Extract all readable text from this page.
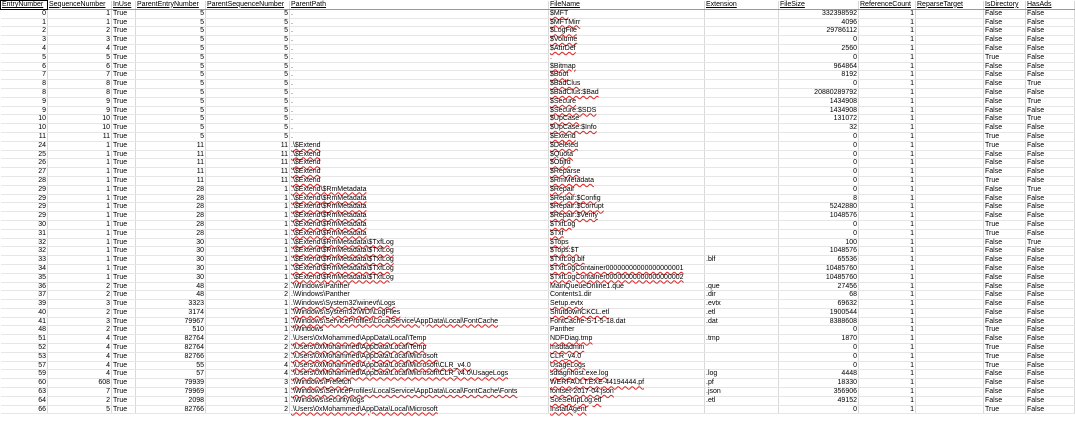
EntryNumber	SequenceNumber	InUse	ParentEntryNumber	ParentSequenceNumber	ParentPath	FileName	Extension	FileSize	ReferenceCount	ReparseTarget	IsDirectory	HasAds
0	1	True	5	5	.	$MFT		332398592	1		False	False
1	1	True	5	5	.	$MFTMirr		4096	1		False	False
2	2	True	5	5	.	$LogFile		29786112	1		False	False
3	3	True	5	5	.	$Volume		0	1		False	False
4	4	True	5	5	.	$AttrDef		2560	1		False	False
5	5	True	5	5	.	.		0	1		True	False
6	6	True	5	5	.	$Bitmap		964864	1		False	False
7	7	True	5	5	.	$Boot		8192	1		False	False
8	8	True	5	5	.	$BadClus		0	1		False	True
8	8	True	5	5	.	$BadClus:$Bad		20880289792	1		False	False
9	9	True	5	5	.	$Secure		1434908	1		False	True
9	9	True	5	5	.	$Secure:$SDS		1434908	1		False	False
10	10	True	5	5	.	$UpCase		131072	1		False	True
10	10	True	5	5	.	$UpCase:$Info		32	1		False	False
11	11	True	5	5	.	$Extend		0	1		True	False
24	1	True	11	11	.\$Extend	$Deleted		0	1		True	False
25	1	True	11	11	.\$Extend	$Quota		0	1		False	False
26	1	True	11	11	.\$Extend	$ObjId		0	1		False	False
27	1	True	11	11	.\$Extend	$Reparse		0	1		False	False
28	1	True	11	11	.\$Extend	$RmMetadata		0	1		True	False
29	1	True	28	1	.\$Extend\$RmMetadata	$Repair		0	1		False	True
29	1	True	28	1	.\$Extend\$RmMetadata	$Repair:$Config		8	1		False	False
29	1	True	28	1	.\$Extend\$RmMetadata	$Repair:$Corrupt		5242880	1		False	False
29	1	True	28	1	.\$Extend\$RmMetadata	$Repair:$Verify		1048576	1		False	False
30	1	True	28	1	.\$Extend\$RmMetadata	$TxfLog		0	1		True	False
31	1	True	28	1	.\$Extend\$RmMetadata	$Txf		0	1		True	False
32	1	True	30	1	.\$Extend\$RmMetadata\$TxfLog	$Tops		100	1		False	True
32	1	True	30	1	.\$Extend\$RmMetadata\$TxfLog	$Tops:$T		1048576	1		False	False
33	1	True	30	1	.\$Extend\$RmMetadata\$TxfLog	$TxfLog.blf	.blf	65536	1		False	False
34	1	True	30	1	.\$Extend\$RmMetadata\$TxfLog	$TxfLogContainer00000000000000000001		10485760	1		False	False
35	1	True	30	1	.\$Extend\$RmMetadata\$TxfLog	$TxfLogContainer00000000000000000002		10485760	1		False	False
36	2	True	48	2	.\Windows\Panther	MainQueueOnline1.que	.que	27456	1		False	False
37	2	True	48	2	.\Windows\Panther	Contents1.dir	.dir	68	1		False	False
39	3	True	3323	1	.\Windows\System32\winevt\Logs	Setup.evtx	.evtx	69632	1		False	False
40	2	True	3174	1	.\Windows\System32\WDI\LogFiles	ShutdownCKCL.etl	.etl	1900544	1		False	False
41	3	True	79967	1	.\Windows\ServiceProfiles\LocalService\AppData\Local\FontCache	FontCache-S-1-5-18.dat	.dat	8388608	1		False	False
48	2	True	510	1	.\Windows	Panther		0	1		True	False
51	4	True	82764	2	.\Users\0xMohammed\AppData\Local\Temp	NDFDiag.tmp	.tmp	1870	1		False	False
52	4	True	82764	2	.\Users\0xMohammed\AppData\Local\Temp	msdtadmin		0	1		True	False
53	4	True	82766	2	.\Users\0xMohammed\AppData\Local\Microsoft	CLR_v4.0		0	1		True	False
57	4	True	55	4	.\Users\0xMohammed\AppData\Local\Microsoft\CLR_v4.0	UsageLogs		0	1		True	False
59	4	True	57	4	.\Users\0xMohammed\AppData\Local\Microsoft\CLR_v4.0\UsageLogs	sdiagnhost.exe.log	.log	4448	1		False	False
60	608	True	79939	3	.\Windows\Prefetch	WERFAULT.EXE-44194444.pf	.pf	18330	1		False	False
63	7	True	79969	1	.\Windows\ServiceProfiles\LocalService\AppData\Local\FontCache\Fonts	fontset-2017-04.json	.json	356906	1		False	False
64	2	True	2098	1	.\Windows\security\logs	SceSetupLog.etl	.etl	49152	1		False	False
66	5	True	82766	2	.\Users\0xMohammed\AppData\Local\Microsoft	InstallAgent		0	1		True	False
